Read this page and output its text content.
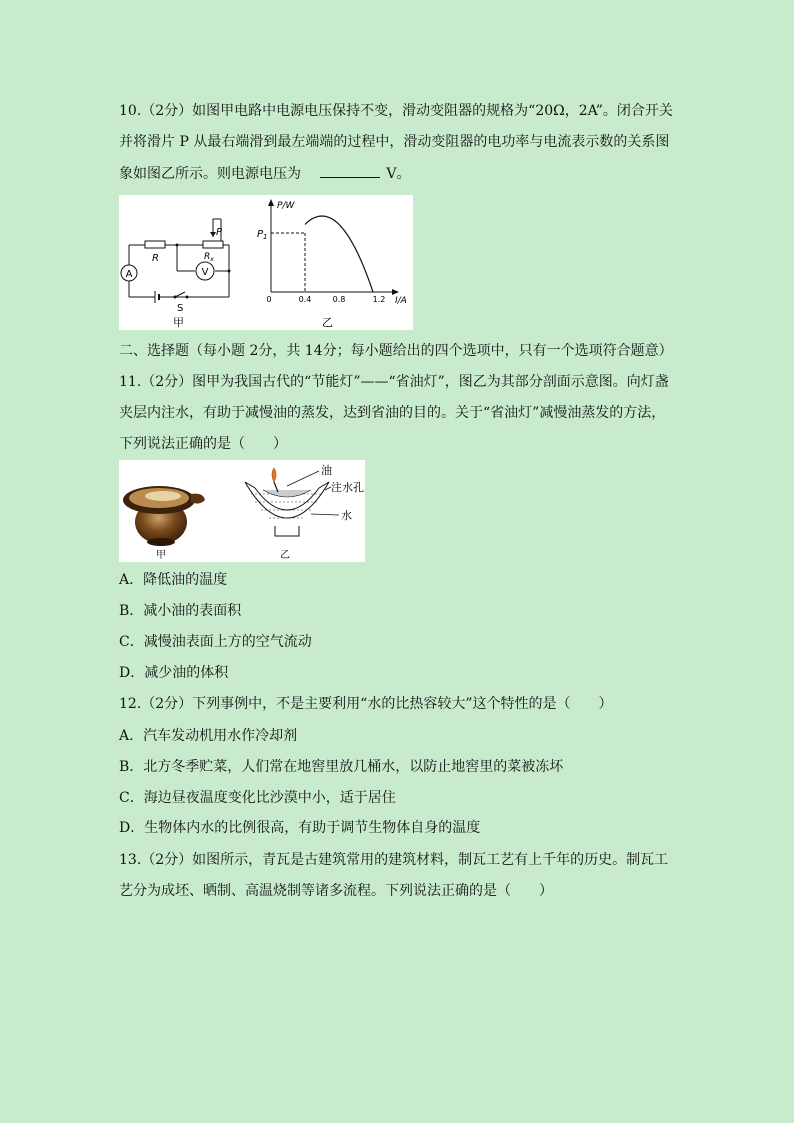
10.（2分）如图甲电路中电源电压保持不变，滑动变阻器的规格为“20Ω，2A”。闭合开关
并将滑片 P 从最右端滑到最左端端的过程中，滑动变阻器的电功率与电流表示数的关系图
象如图乙所示。则电源电压为	V。
A
R
P
$R_x$
V
S
甲
P/W
I/A
$P_1$
0	0.4	0.8	1.2
乙
二、选择题（每小题 2分，共 14分；每小题给出的四个选项中，只有一个选项符合题意）
11.（2分）图甲为我国古代的“节能灯”——“省油灯”，图乙为其部分剖面示意图。向灯盏
夹层内注水，有助于减慢油的蒸发，达到省油的目的。关于“省油灯”减慢油蒸发的方法，
下列说法正确的是（　　）
甲
油
注水孔
水
乙
A．降低油的温度
B．减小油的表面积
C．减慢油表面上方的空气流动
D．减少油的体积
12.（2分）下列事例中，不是主要利用“水的比热容较大”这个特性的是（　　）
A．汽车发动机用水作冷却剂
B．北方冬季贮菜，人们常在地窖里放几桶水，以防止地窖里的菜被冻坏
C．海边昼夜温度变化比沙漠中小，适于居住
D．生物体内水的比例很高，有助于调节生物体自身的温度
13.（2分）如图所示，青瓦是古建筑常用的建筑材料，制瓦工艺有上千年的历史。制瓦工
艺分为成坯、晒制、高温烧制等诸多流程。下列说法正确的是（　　）
